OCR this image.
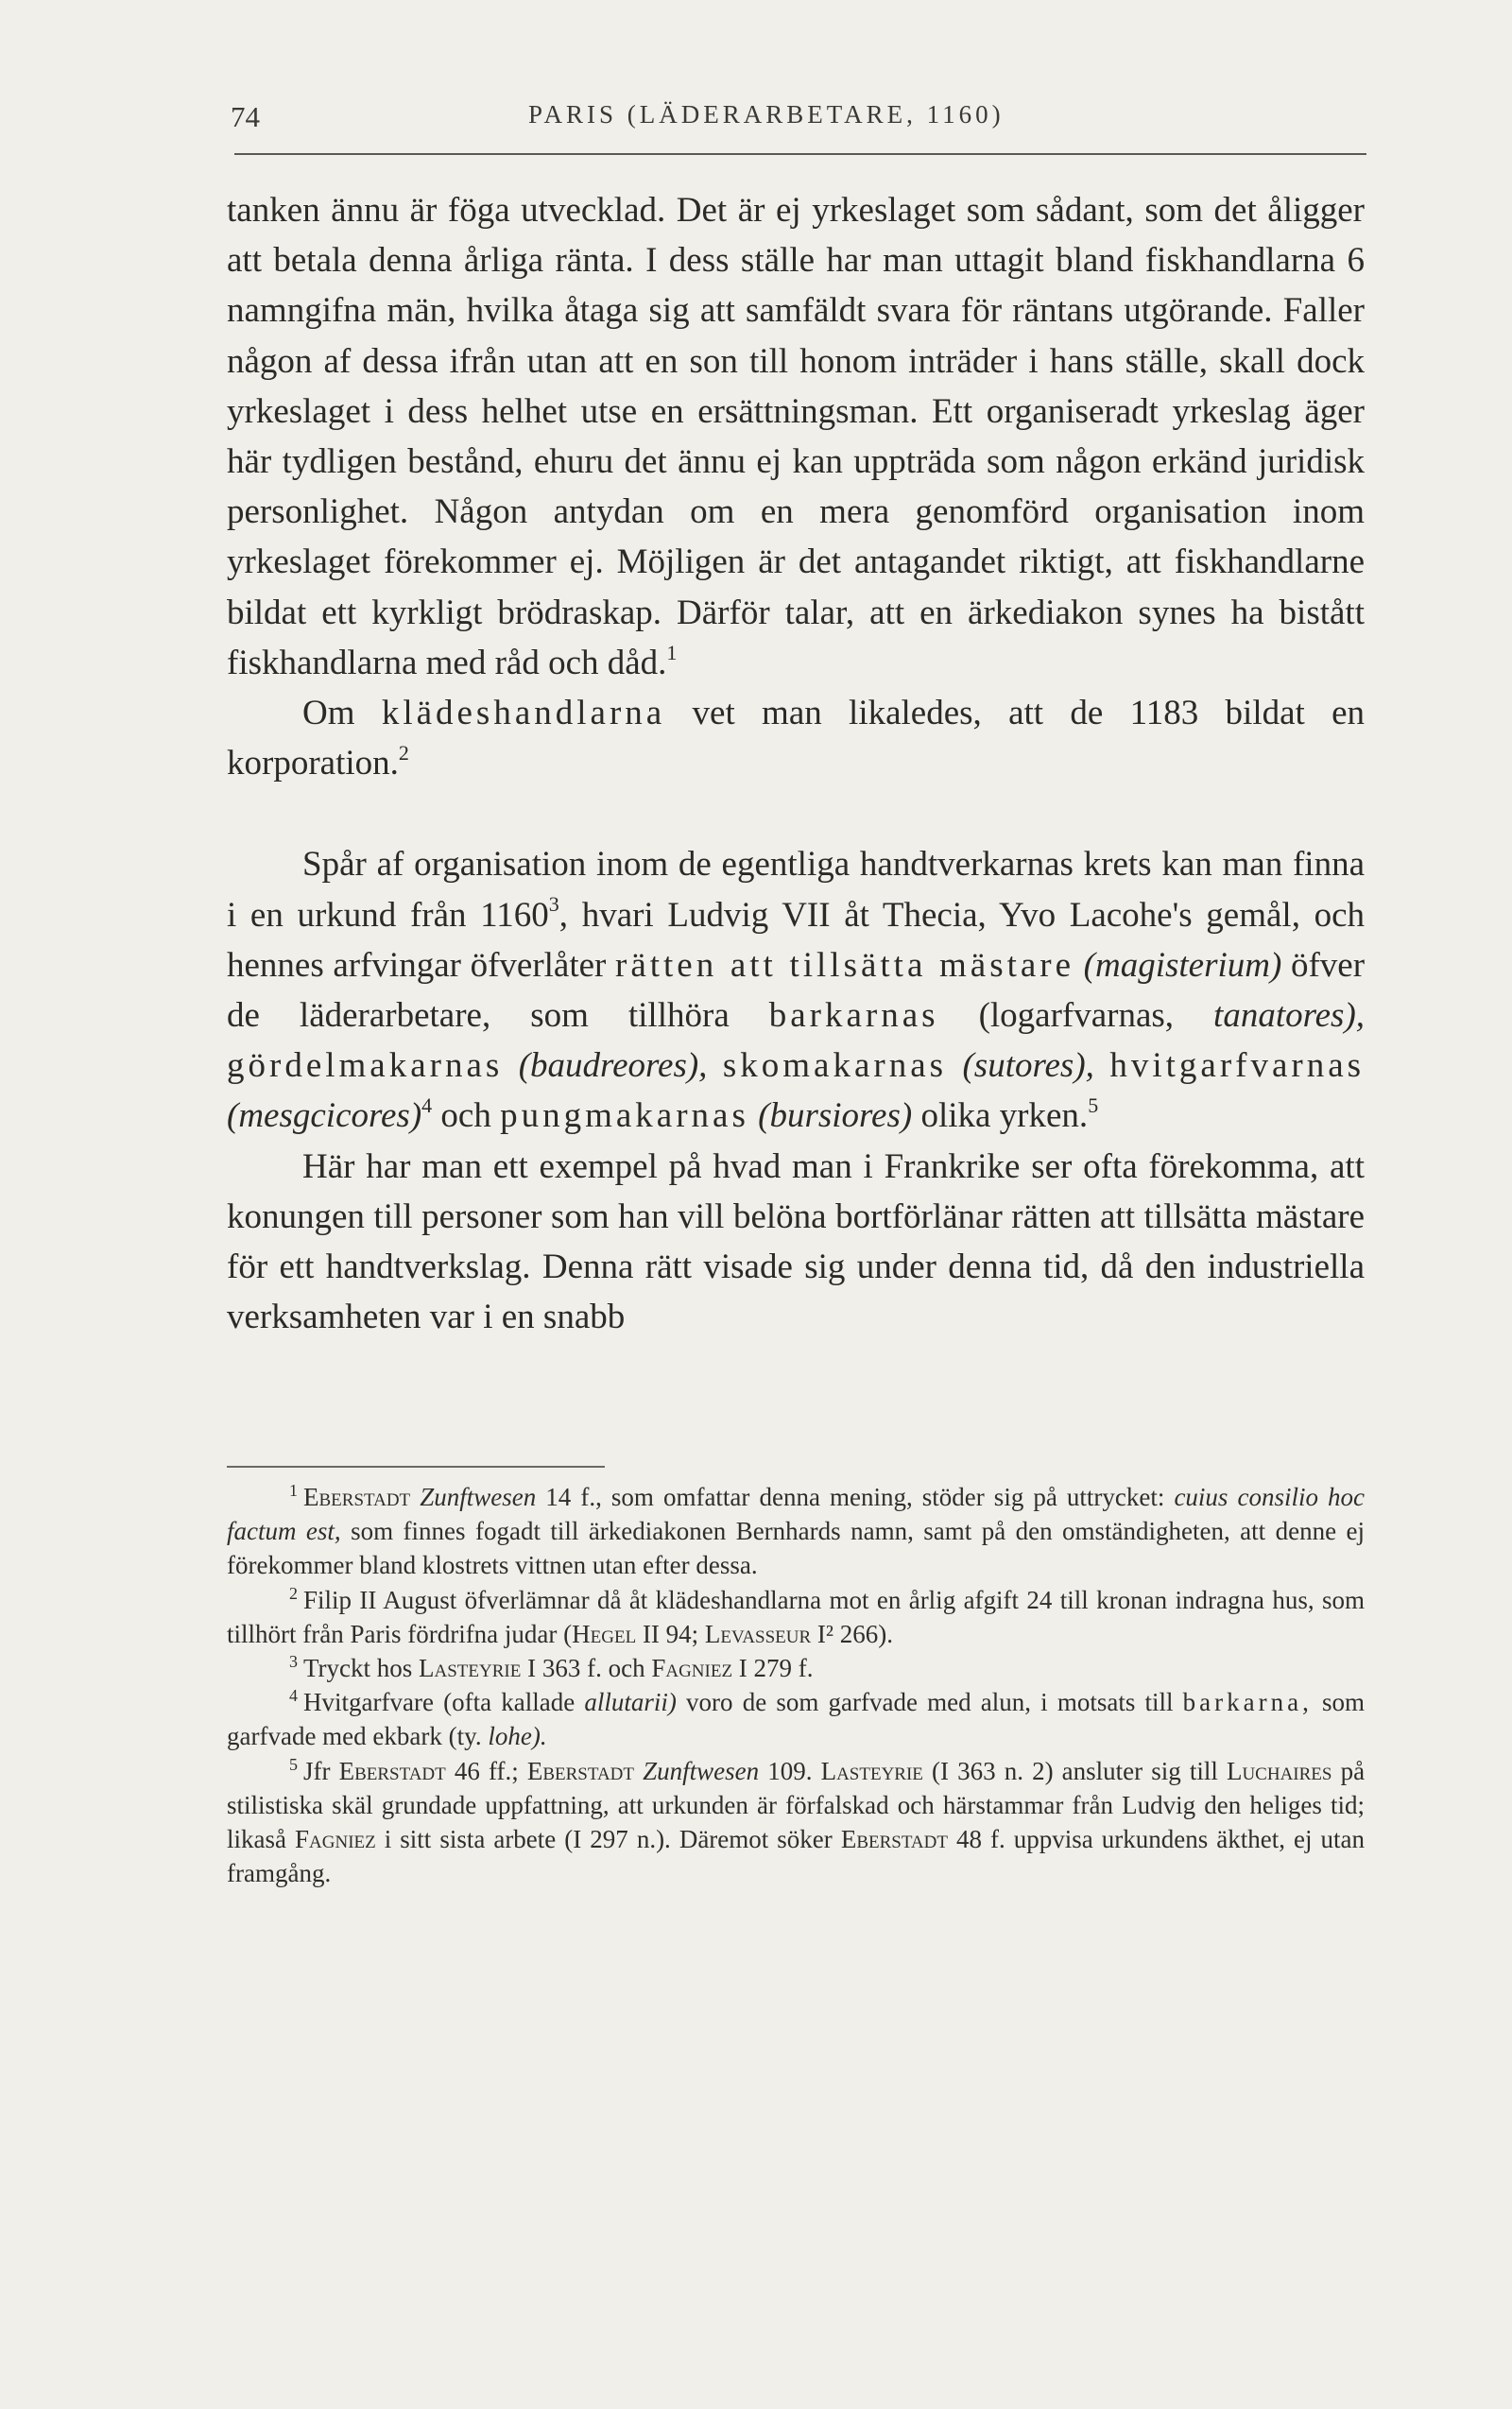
74	PARIS (LÄDERARBETARE, 1160)

tanken ännu är föga utvecklad. Det är ej yrkeslaget som sådant, som det åligger att betala denna årliga ränta. I dess ställe har man uttagit bland fiskhandlarna 6 namngifna män, hvilka åtaga sig att samfäldt svara för räntans utgörande. Faller någon af dessa ifrån utan att en son till honom inträder i hans ställe, skall dock yrkeslaget i dess helhet utse en ersättningsman. Ett organiseradt yrkeslag äger här tydligen bestånd, ehuru det ännu ej kan uppträda som någon erkänd juridisk personlighet. Någon antydan om en mera genomförd organisation inom yrkeslaget förekommer ej. Möjligen är det antagandet riktigt, att fiskhandlarne bildat ett kyrkligt brödraskap. Därför talar, att en ärkediakon synes ha bistått fiskhandlarna med råd och dåd.$^1$

Om klädeshandlarna vet man likaledes, att de 1183 bildat en korporation.$^2$

Spår af organisation inom de egentliga handtverkarnas krets kan man finna i en urkund från 1160$^3$, hvari Ludvig VII åt Thecia, Yvo Lacohe's gemål, och hennes arfvingar öfverlåter rätten att tillsätta mästare (magisterium) öfver de läderarbetare, som tillhöra barkarnas (logarfvarnas, tanatores), gördelmakarnas (baudreores), skomakarnas (sutores), hvitgarfvarnas (mesgcicores)$^4$ och pungmakarnas (bursiores) olika yrken.$^5$

Här har man ett exempel på hvad man i Frankrike ser ofta förekomma, att konungen till personer som han vill belöna bortförlänar rätten att tillsätta mästare för ett handtverkslag. Denna rätt visade sig under denna tid, då den industriella verksamheten var i en snabb

$^1$ Eberstadt Zunftwesen 14 f., som omfattar denna mening, stöder sig på uttrycket: cuius consilio hoc factum est, som finnes fogadt till ärkediakonen Bernhards namn, samt på den omständigheten, att denne ej förekommer bland klostrets vittnen utan efter dessa.

$^2$ Filip II August öfverlämnar då åt klädeshandlarna mot en årlig afgift 24 till kronan indragna hus, som tillhört från Paris fördrifna judar (Hegel II 94; Levasseur I² 266).

$^3$ Tryckt hos Lasteyrie I 363 f. och Fagniez I 279 f.

$^4$ Hvitgarfvare (ofta kallade allutarii) voro de som garfvade med alun, i motsats till barkarna, som garfvade med ekbark (ty. lohe).

$^5$ Jfr Eberstadt 46 ff.; Eberstadt Zunftwesen 109. Lasteyrie (I 363 n. 2) ansluter sig till Luchaires på stilistiska skäl grundade uppfattning, att urkunden är förfalskad och härstammar från Ludvig den heliges tid; likaså Fagniez i sitt sista arbete (I 297 n.). Däremot söker Eberstadt 48 f. uppvisa urkundens äkthet, ej utan framgång.
